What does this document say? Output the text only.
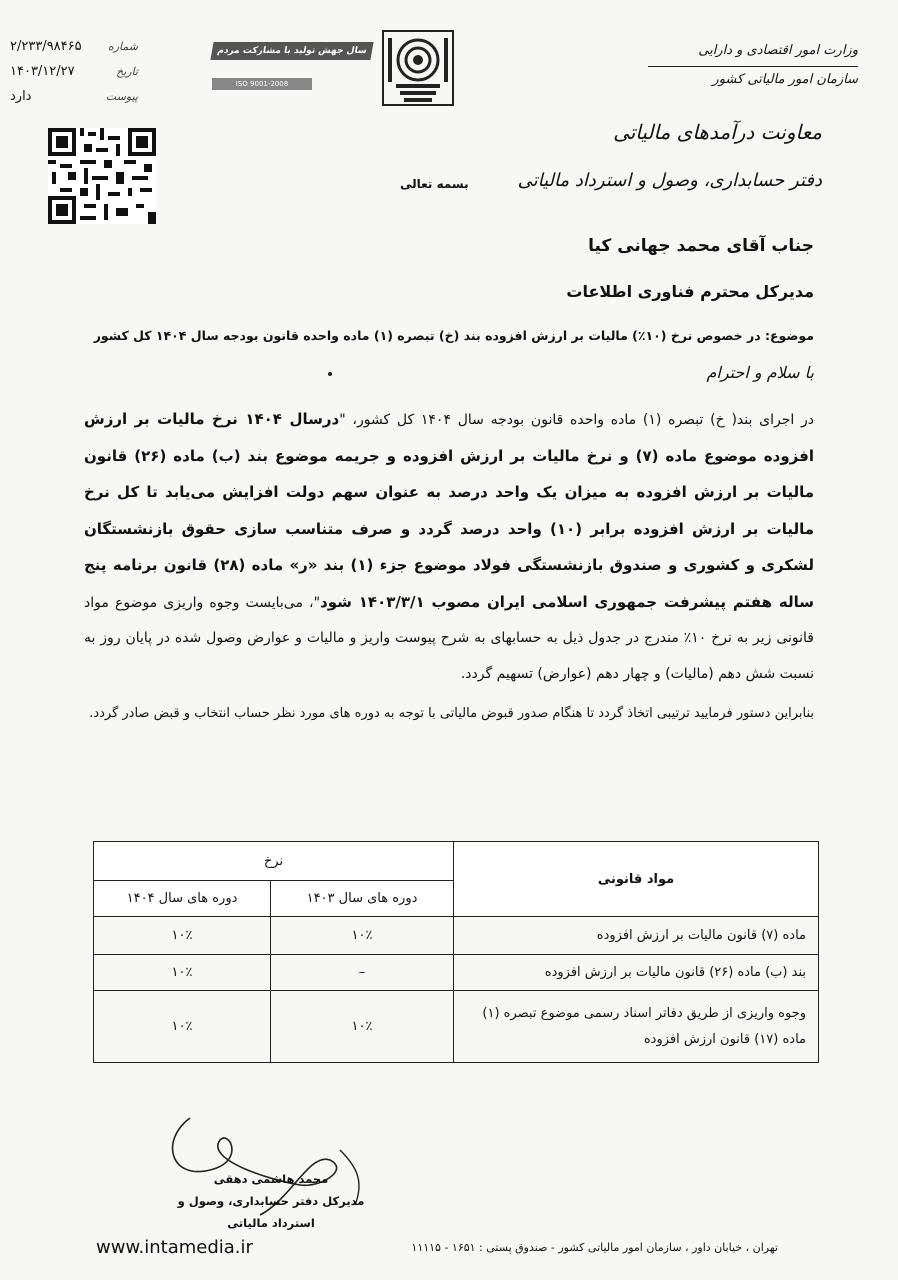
وزارت امور اقتصادی و دارایی
سازمان امور مالیاتی کشور
سال جهش تولید با مشارکت مردم
ISO 9001-2008
شماره
۲/۲۳۳/۹۸۴۶۵
تاریخ
۱۴۰۳/۱۲/۲۷
پیوست
دارد
معاونت درآمدهای مالیاتی
دفتر حسابداری، وصول و استرداد مالیاتی
بسمه تعالی
جناب آقای محمد جهانی کیا
مدیرکل محترم فناوری اطلاعات
موضوع: در خصوص نرخ (۱۰٪) مالیات بر ارزش افزوده بند (خ) تبصره (۱) ماده واحده قانون بودجه سال ۱۴۰۴ کل کشور
با سلام و احترام

در اجرای بند( خ) تبصره (۱) ماده واحده قانون بودجه سال ۱۴۰۴ کل کشور، "درسال ۱۴۰۴ نرخ مالیات بر ارزش افزوده موضوع ماده (۷) و نرخ مالیات بر ارزش افزوده و جریمه موضوع بند (ب) ماده (۲۶) قانون مالیات بر ارزش افزوده به میزان یک واحد درصد به عنوان سهم دولت افزایش می‌یابد تا کل نرخ مالیات بر ارزش افزوده برابر (۱۰) واحد درصد گردد و صرف متناسب سازی حقوق بازنشستگان لشکری و کشوری و صندوق بازنشستگی فولاد موضوع جزء (۱) بند «ر» ماده (۲۸) قانون برنامه پنج ساله هفتم پیشرفت جمهوری اسلامی ایران مصوب ۱۴۰۳/۳/۱ شود"، می‌بایست وجوه واریزی موضوع مواد قانونی زیر به نرخ ۱۰٪ مندرج در جدول ذیل به حسابهای به شرح پیوست واریز و مالیات و عوارض وصول شده در پایان روز به نسبت شش دهم (مالیات) و چهار دهم (عوارض) تسهیم گردد.

بنابراین دستور فرمایید ترتیبی اتخاذ گردد تا هنگام صدور قبوض مالیاتی با توجه به دوره های مورد نظر حساب انتخاب و قبض صادر گردد.

مواد قانونی	نرخ	
	دوره های سال ۱۴۰۳	دوره های سال ۱۴۰۴
ماده (۷) قانون مالیات بر ارزش افزوده	۱۰٪	۱۰٪
بند (ب) ماده (۲۶) قانون مالیات بر ارزش افزوده	–	۱۰٪
وجوه واریزی از طریق دفاتر اسناد رسمی موضوع تبصره (۱) ماده (۱۷) قانون ارزش افزوده	۱۰٪	۱۰٪
محمد هاشمی دهقی
مدیرکل دفتر حسابداری، وصول و استرداد مالیاتی
www.intamedia.ir	تهران ، خیابان داور ، سازمان امور مالیاتی کشور - صندوق پستی : ۱۶۵۱ - ۱۱۱۱۵
